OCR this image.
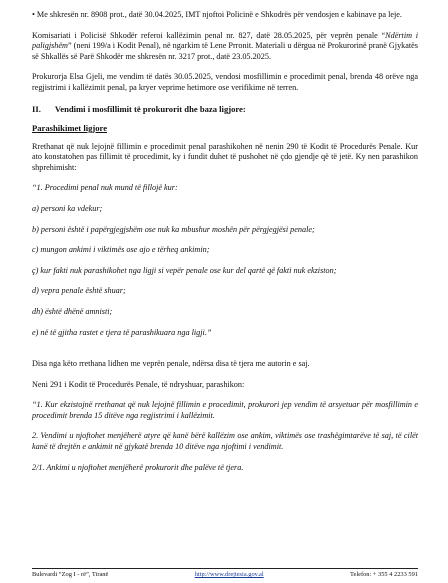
• Me shkresën nr. 8908 prot., datë 30.04.2025, IMT njoftoi Policinë e Shkodrës për vendosjen e kabinave pa leje.

Komisariati i Policisë Shkodër referoi kallëzimin penal nr. 827, datë 28.05.2025, për veprën penale “Ndërtim i paligjshëm” (neni 199/a i Kodit Penal), në ngarkim të Lene Prronit. Materiali u dërgua në Prokurorinë pranë Gjykatës së Shkallës së Parë Shkodër me shkresën nr. 3217 prot., datë 23.05.2025.

Prokurorja Elsa Gjeli, me vendim të datës 30.05.2025, vendosi mosfillimin e procedimit penal, brenda 48 orëve nga regjistrimi i kallëzimit penal, pa kryer veprime hetimore ose verifikime në terren.

II. Vendimi i mosfillimit të prokurorit dhe baza ligjore:
Parashikimet ligjore

Rrethanat që nuk lejojnë fillimin e procedimit penal parashikohen në nenin 290 të Kodit të Procedurës Penale. Kur ato konstatohen pas fillimit të procedimit, ky i fundit duhet të pushohet në çdo gjendje që të jetë. Ky nen parashikon shprehimisht:

“1. Procedimi penal nuk mund të fillojë kur:

a) personi ka vdekur;

b) personi është i papërgjegjshëm ose nuk ka mbushur moshën për përgjegjësi penale;

c) mungon ankimi i viktimës ose ajo e tërheq ankimin;

ç) kur fakti nuk parashikohet nga ligji si vepër penale ose kur del qartë që fakti nuk ekziston;

d) vepra penale është shuar;

dh) është dhënë amnisti;

e) në të gjitha rastet e tjera të parashikuara nga ligji.”

Disa nga këto rrethana lidhen me veprën penale, ndërsa disa të tjera me autorin e saj.

Neni 291 i Kodit të Procedurës Penale, të ndryshuar, parashikon:

“1. Kur ekzistojnë rrethanat që nuk lejojnë fillimin e procedimit, prokurori jep vendim të arsyetuar për mosfillimin e procedimit brenda 15 ditëve nga regjistrimi i kallëzimit.

2. Vendimi u njoftohet menjëherë atyre që kanë bërë kallëzim ose ankim, viktimës ose trashëgimtarëve të saj, të cilët kanë të drejtën e ankimit në gjykatë brenda 10 ditëve nga njoftimi i vendimit.

2/1. Ankimi u njoftohet menjëherë prokurorit dhe palëve të tjera.

Bulevardi “Zog I - rë”, Tiranë	http://www.drejtesia.gov.al	Telefon: + 355 4 2233 591
